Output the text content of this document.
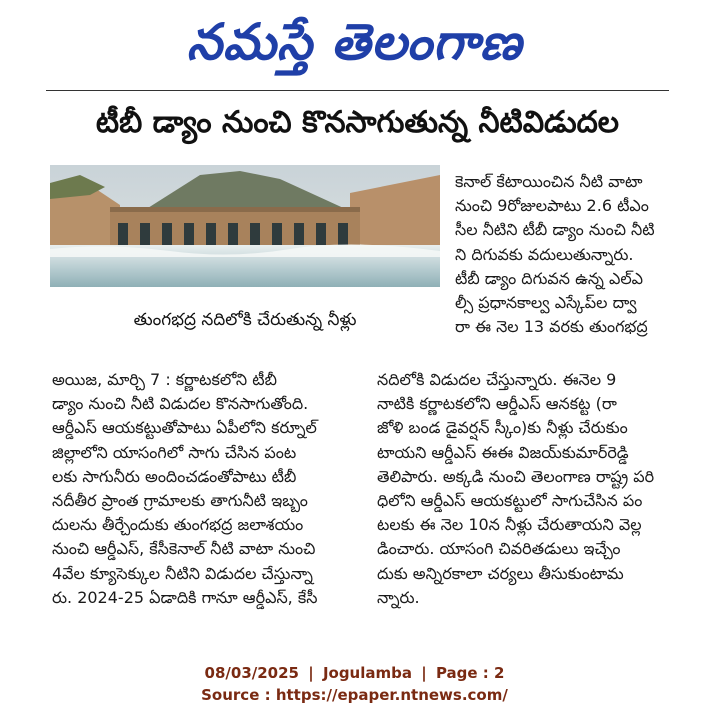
నమస్తే తెలంగాణ
టీబీ డ్యాం నుంచి కొనసాగుతున్న నీటివిడుదల
తుంగభద్ర నదిలోకి చేరుతున్న నీళ్లు
కెనాల్ కేటాయించిన నీటి వాటా
నుంచి 9రోజులపాటు 2.6 టీఎం
సీల నీటిని టీబీ డ్యాం నుంచి నీటి
ని దిగువకు వదులుతున్నారు.
టీబీ డ్యాం దిగువన ఉన్న ఎల్ఎ
ల్సీ ప్రధానకాల్వ ఎస్కేప్‌ల ద్వా
రా ఈ నెల 13 వరకు తుంగభద్ర
అయిజ, మార్చి 7 : కర్ణాటకలోని టీబీ
డ్యాం నుంచి నీటి విడుదల కొనసాగుతోంది.
ఆర్డీఎస్ ఆయకట్టుతోపాటు ఏపీలోని కర్నూల్
జిల్లాలోని యాసంగిలో సాగు చేసిన పంట
లకు సాగునీరు అందించడంతోపాటు టీబీ
నదీతీర ప్రాంత గ్రామాలకు తాగునీటి ఇబ్బం
దులను తీర్చేందుకు తుంగభద్ర జలాశయం
నుంచి ఆర్డీఎస్, కేసీకెనాల్ నీటి వాటా నుంచి
4వేల క్యూసెక్కుల నీటిని విడుదల చేస్తున్నా
రు. 2024-25 ఏడాదికి గానూ ఆర్డీఎస్, కేసీ
నదిలోకి విడుదల చేస్తున్నారు. ఈనెల 9
నాటికి కర్ణాటకలోని ఆర్డీఎస్ ఆనకట్ట (రా
జోళి బండ డైవర్షన్ స్కీం)కు నీళ్లు చేరుకుం
టాయని ఆర్డీఎస్ ఈఈ విజయ్‌కుమార్‌రెడ్డి
తెలిపారు. అక్కడి నుంచి తెలంగాణ రాష్ట్ర పరి
ధిలోని ఆర్డీఎస్ ఆయకట్టులో సాగుచేసిన పం
టలకు ఈ నెల 10న నీళ్లు చేరుతాయని వెల్ల
డించారు. యాసంగి చివరితడులు ఇచ్చేం
దుకు అన్నిరకాలా చర్యలు తీసుకుంటామ
న్నారు.
08/03/2025 | Jogulamba | Page : 2
Source : https://epaper.ntnews.com/
